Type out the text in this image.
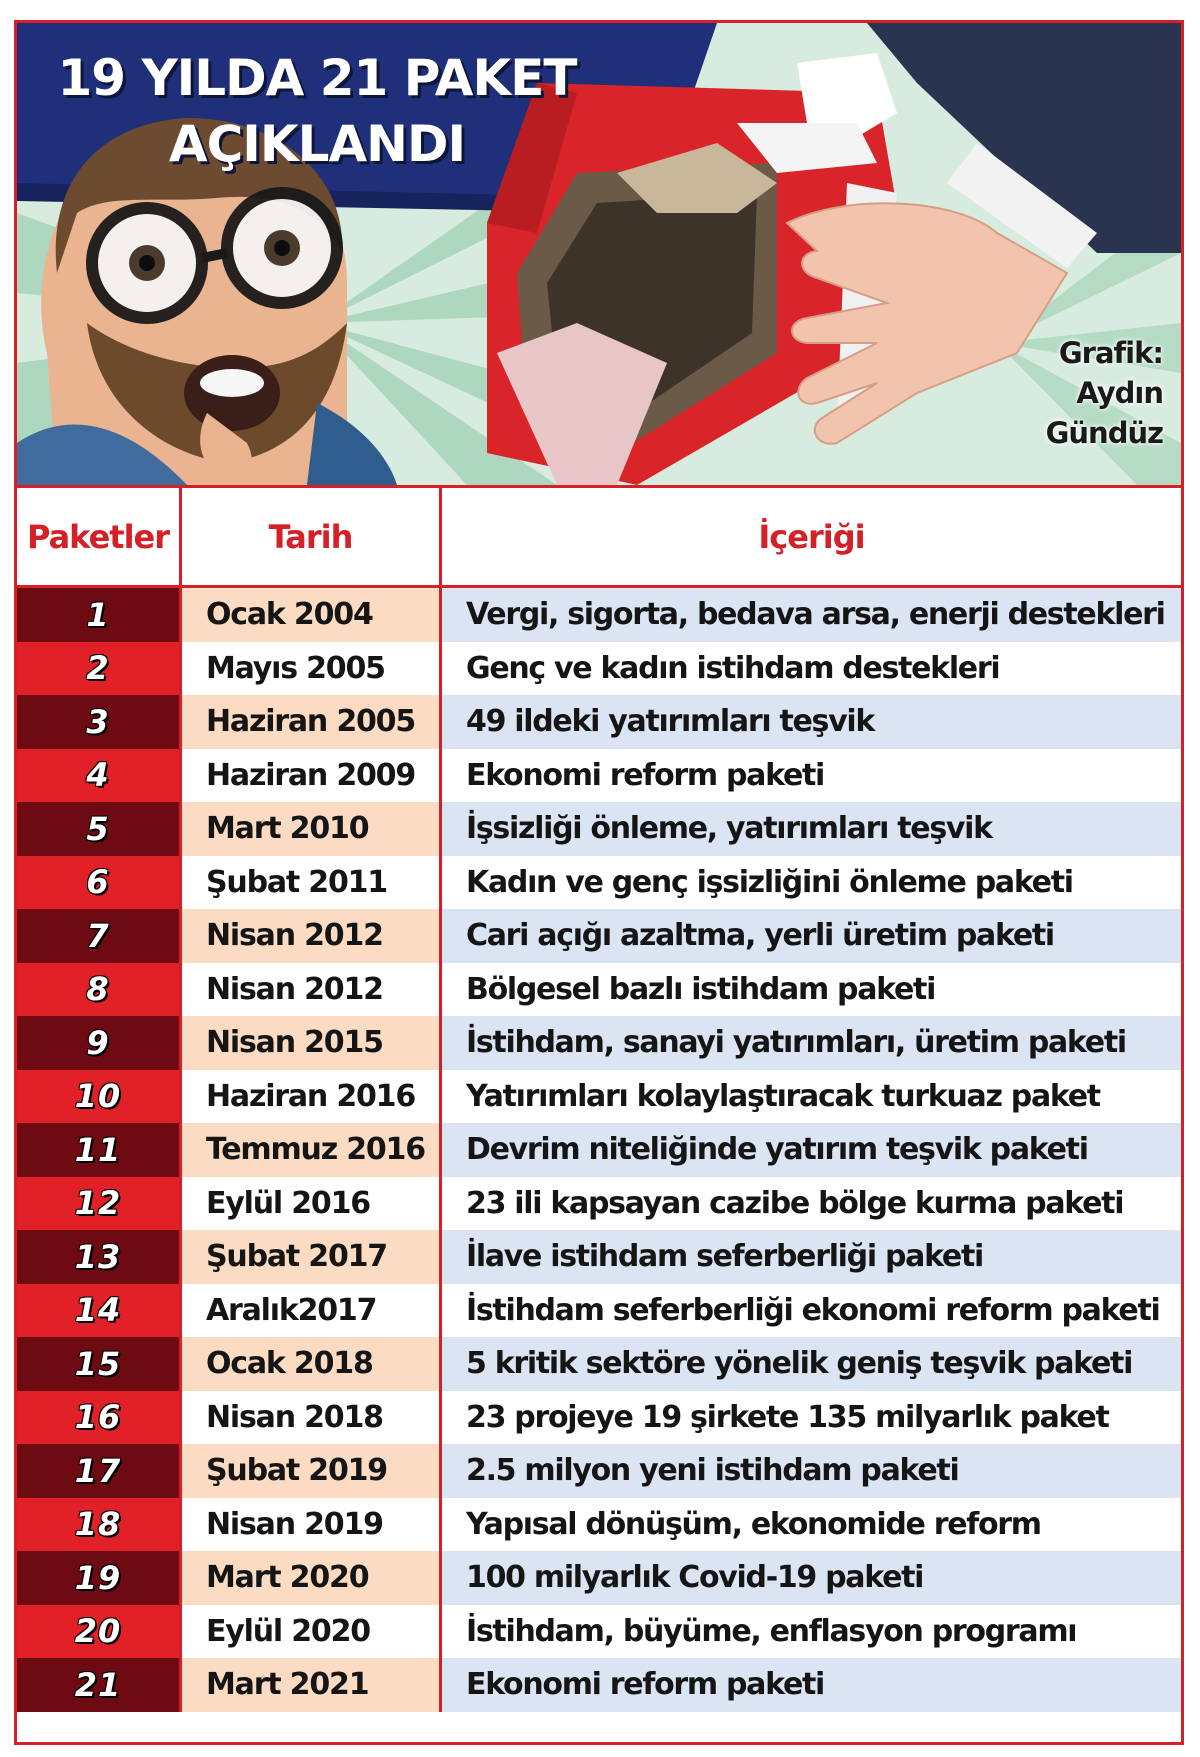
19 YILDA 21 PAKET
AÇIKLANDI
Grafik:
Aydın
Gündüz
Paketler	Tarih	İçeriği
1	Ocak 2004	Vergi, sigorta, bedava arsa, enerji destekleri
2	Mayıs 2005	Genç ve kadın istihdam destekleri
3	Haziran 2005	49 ildeki yatırımları teşvik
4	Haziran 2009	Ekonomi reform paketi
5	Mart 2010	İşsizliği önleme, yatırımları teşvik
6	Şubat 2011	Kadın ve genç işsizliğini önleme paketi
7	Nisan 2012	Cari açığı azaltma, yerli üretim paketi
8	Nisan 2012	Bölgesel bazlı istihdam paketi
9	Nisan 2015	İstihdam, sanayi yatırımları, üretim paketi
10	Haziran 2016	Yatırımları kolaylaştıracak turkuaz paket
11	Temmuz 2016	Devrim niteliğinde yatırım teşvik paketi
12	Eylül 2016	23 ili kapsayan cazibe bölge kurma paketi
13	Şubat 2017	İlave istihdam seferberliği paketi
14	Aralık2017	İstihdam seferberliği ekonomi reform paketi
15	Ocak 2018	5 kritik sektöre yönelik geniş teşvik paketi
16	Nisan 2018	23 projeye 19 şirkete 135 milyarlık paket
17	Şubat 2019	2.5 milyon yeni istihdam paketi
18	Nisan 2019	Yapısal dönüşüm, ekonomide reform
19	Mart 2020	100 milyarlık Covid-19 paketi
20	Eylül 2020	İstihdam, büyüme, enflasyon programı
21	Mart 2021	Ekonomi reform paketi
